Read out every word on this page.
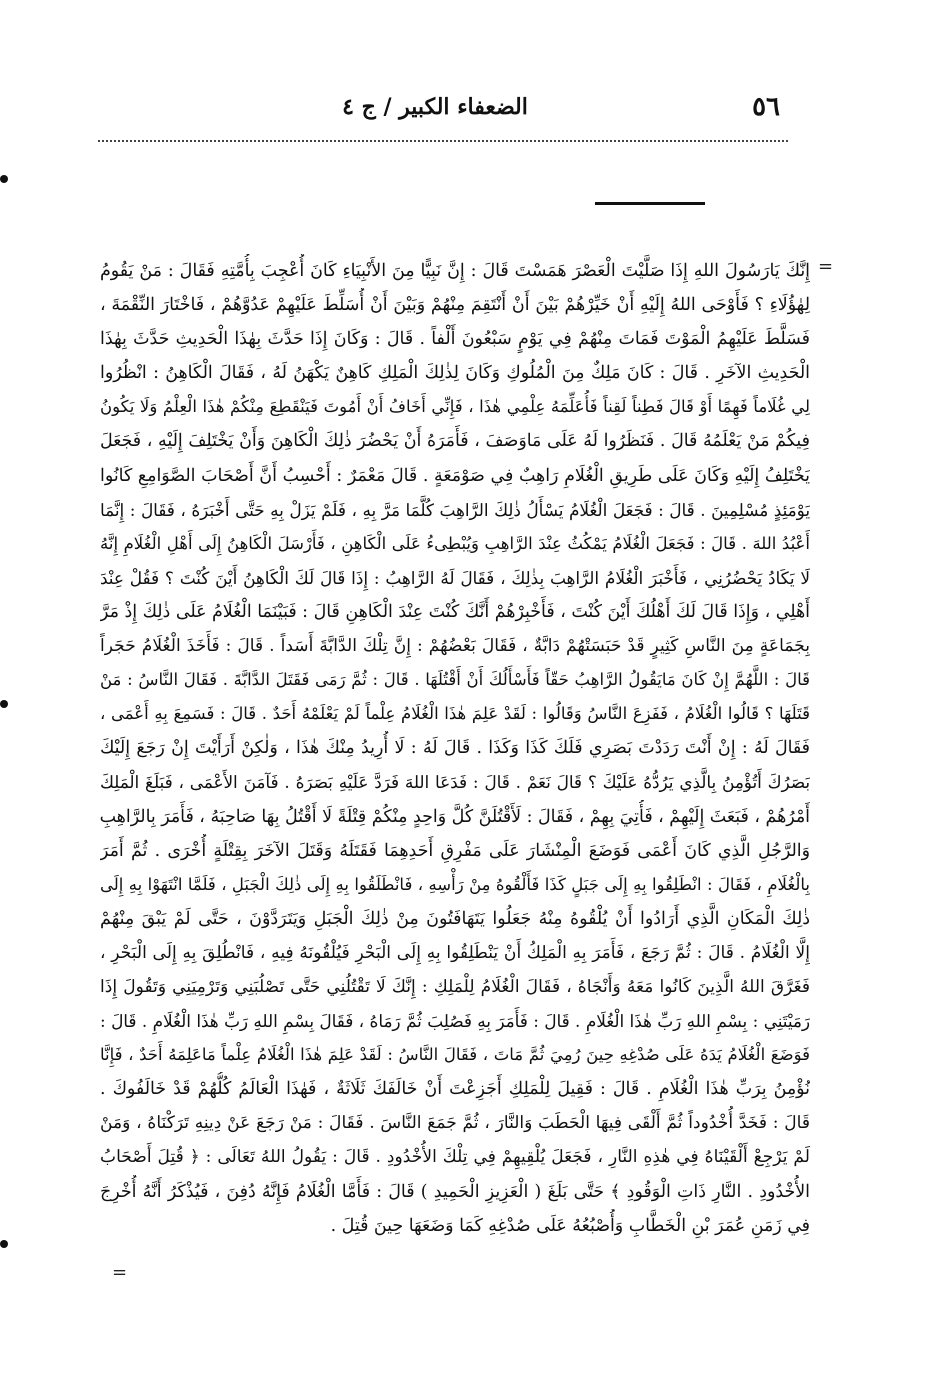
٥٦
الضعفاء الكبير / ج ٤
=
=
إِنَّكَ يَارَسُولَ اللهِ إِذَا صَلَّيْتَ الْعَصْرَ هَمَسْتَ قَالَ : إِنَّ نَبِيًّا مِنَ الأَنْبِيَاءِ كَانَ أُعْجِبَ بِأُمَّتِهِ فَقَالَ : مَنْ يَقُومُ
لِهٰؤُلَاءِ ؟ فَأَوْحَى اللهُ إِلَيْهِ أَنْ خَيِّرْهُمْ بَيْنَ أَنْ أَنْتَقِمَ مِنْهُمْ وَبَيْنَ أَنْ أُسَلِّطَ عَلَيْهِمْ عَدُوَّهُمْ ، فَاخْتَارَ النِّقْمَةَ ،
فَسَلَّطَ عَلَيْهِمُ الْمَوْتَ فَمَاتَ مِنْهُمْ فِي يَوْمٍ سَبْعُونَ أَلْفاً . قَالَ : وَكَانَ إِذَا حَدَّثَ بِهٰذَا الْحَدِيثِ حَدَّثَ بِهٰذَا
الْحَدِيثِ الآخَرِ . قَالَ : كَانَ مَلِكٌ مِنَ الْمُلُوكِ وَكَانَ لِذٰلِكَ الْمَلِكِ كَاهِنٌ يَكْهَنُ لَهُ ، فَقَالَ الْكَاهِنُ : انْظُرُوا
لِي غُلَاماً فَهِمًا أَوْ قَالَ فَطِناً لَقِناً فَأُعَلِّمَهُ عِلْمِي هٰذَا ، فَإِنِّي أَخَافُ أَنْ أَمُوتَ فَيَنْقَطِعَ مِنْكُمْ هٰذَا الْعِلْمُ وَلَا يَكُونُ
فِيكُمْ مَنْ يَعْلَمُهُ قَالَ . فَنَظَرُوا لَهُ عَلَى مَاوَصَفَ ، فَأَمَرَهُ أَنْ يَحْضُرَ ذٰلِكَ الْكَاهِنَ وَأَنْ يَخْتَلِفَ إِلَيْهِ ، فَجَعَلَ
يَخْتَلِفُ إِلَيْهِ وَكَانَ عَلَى طَرِيقِ الْغُلَامِ رَاهِبٌ فِي صَوْمَعَةٍ . قَالَ مَعْمَرٌ : أَحْسِبُ أَنَّ أَصْحَابَ الصَّوَامِعِ كَانُوا
يَوْمَئِذٍ مُسْلِمِينَ . قَالَ : فَجَعَلَ الْغُلَامُ يَسْأَلُ ذٰلِكَ الرَّاهِبَ كُلَّمَا مَرَّ بِهِ ، فَلَمْ يَزَلْ بِهِ حَتَّى أَخْبَرَهُ ، فَقَالَ : إِنَّمَا
أَعْبُدُ اللهَ . قَالَ : فَجَعَلَ الْغُلَامُ يَمْكُثُ عِنْدَ الرَّاهِبِ وَيُبْطِىءُ عَلَى الْكَاهِنِ ، فَأَرْسَلَ الْكَاهِنُ إِلَى أَهْلِ الْغُلَامِ إِنَّهُ
لَا يَكَادُ يَحْضُرُنِي ، فَأَخْبَرَ الْغُلَامُ الرَّاهِبَ بِذٰلِكَ ، فَقَالَ لَهُ الرَّاهِبُ : إِذَا قَالَ لَكَ الْكَاهِنُ أَيْنَ كُنْتَ ؟ فَقُلْ عِنْدَ
أَهْلِي ، وَإِذَا قَالَ لَكَ أَهْلُكَ أَيْنَ كُنْتَ ، فَأَخْبِرْهُمْ أَنَّكَ كُنْتَ عِنْدَ الْكَاهِنِ قَالَ : فَبَيْنَمَا الْغُلَامُ عَلَى ذٰلِكَ إِذْ مَرَّ
بِجَمَاعَةٍ مِنَ النَّاسِ كَثِيرٍ قَدْ حَبَسَتْهُمْ دَابَّةٌ ، فَقَالَ بَعْضُهُمْ : إِنَّ تِلْكَ الدَّابَّةَ أَسَداً . قَالَ : فَأَخَذَ الْغُلَامُ حَجَراً
قَالَ : اللَّهُمَّ إِنْ كَانَ مَايَقُولُ الرَّاهِبُ حَقّاً فَأَسْأَلُكَ أَنْ أَقْتُلَهَا . قَالَ : ثُمَّ رَمَى فَقَتَلَ الدَّابَّةَ . فَقَالَ النَّاسُ : مَنْ
قَتَلَهَا ؟ قَالُوا الْغُلَامُ ، فَفَزِعَ النَّاسُ وَقَالُوا : لَقَدْ عَلِمَ هٰذَا الْغُلَامُ عِلْماً لَمْ يَعْلَمْهُ أَحَدٌ . قَالَ : فَسَمِعَ بِهِ أَعْمَى ،
فَقَالَ لَهُ : إِنْ أَنْتَ رَدَدْتَ بَصَرِي فَلَكَ كَذَا وَكَذَا . قَالَ لَهُ : لَا أُرِيدُ مِنْكَ هٰذَا ، وَلٰكِنْ أَرَأَيْتَ إِنْ رَجَعَ إِلَيْكَ
بَصَرُكَ أَتُؤْمِنُ بِالَّذِي يَرُدُّهُ عَلَيْكَ ؟ قَالَ نَعَمْ . قَالَ : فَدَعَا اللهَ فَرَدَّ عَلَيْهِ بَصَرَهُ . فَآمَنَ الأَعْمَى ، فَبَلَغَ الْمَلِكَ
أَمْرُهُمْ ، فَبَعَثَ إِلَيْهِمْ ، فَأُتِيَ بِهِمْ ، فَقَالَ : لَأَقْتُلَنَّ كُلَّ وَاحِدٍ مِنْكُمْ قِتْلَةً لَا أَقْتُلُ بِهَا صَاحِبَهُ ، فَأَمَرَ بِالرَّاهِبِ
وَالرَّجُلِ الَّذِي كَانَ أَعْمَى فَوَضَعَ الْمِنْشَارَ عَلَى مَفْرِقِ أَحَدِهِمَا فَقَتَلَهُ وَقَتَلَ الآخَرَ بِقِتْلَةٍ أُخْرَى . ثُمَّ أَمَرَ
بِالْغُلَامِ ، فَقَالَ : انْطَلِقُوا بِهِ إِلَى جَبَلٍ كَذَا فَأَلْقُوهُ مِنْ رَأْسِهِ ، فَانْطَلَقُوا بِهِ إِلَى ذٰلِكَ الْجَبَلِ ، فَلَمَّا انْتَهَوْا بِهِ إِلَى
ذٰلِكَ الْمَكَانِ الَّذِي أَرَادُوا أَنْ يُلْقُوهُ مِنْهُ جَعَلُوا يَتَهَافَتُونَ مِنْ ذٰلِكَ الْجَبَلِ وَيَتَرَدَّوْنَ ، حَتَّى لَمْ يَبْقَ مِنْهُمْ
إِلَّا الْغُلَامُ . قَالَ : ثُمَّ رَجَعَ ، فَأَمَرَ بِهِ الْمَلِكُ أَنْ يَنْطَلِقُوا بِهِ إِلَى الْبَحْرِ فَيُلْقُونَهُ فِيهِ ، فَانْطُلِقَ بِهِ إِلَى الْبَحْرِ ،
فَغَرَّقَ اللهُ الَّذِينَ كَانُوا مَعَهُ وَأَنْجَاهُ ، فَقَالَ الْغُلَامُ لِلْمَلِكِ : إِنَّكَ لَا تَقْتُلُنِي حَتَّى تَصْلُبَنِي وَتَرْمِيَنِي وَتَقُولَ إِذَا
رَمَيْتَنِي : بِسْمِ اللهِ رَبِّ هٰذَا الْغُلَامِ . قَالَ : فَأَمَرَ بِهِ فَصُلِبَ ثُمَّ رَمَاهُ ، فَقَالَ بِسْمِ اللهِ رَبِّ هٰذَا الْغُلَامِ . قَالَ :
فَوَضَعَ الْغُلَامُ يَدَهُ عَلَى صُدْغِهِ حِينَ رُمِيَ ثُمَّ مَاتَ ، فَقَالَ النَّاسُ : لَقَدْ عَلِمَ هٰذَا الْغُلَامُ عِلْماً مَاعَلِمَهُ أَحَدٌ ، فَإِنَّا
نُؤْمِنُ بِرَبِّ هٰذَا الْغُلَامِ . قَالَ : فَقِيلَ لِلْمَلِكِ أَجَزِعْتَ أَنْ خَالَفَكَ ثَلَاثَةٌ ، فَهٰذَا الْعَالَمُ كُلُّهُمْ قَدْ خَالَفُوكَ .
قَالَ : فَخَدَّ أُخْدُوداً ثُمَّ أَلْقَى فِيهَا الْحَطَبَ وَالنَّارَ ، ثُمَّ جَمَعَ النَّاسَ . فَقَالَ : مَنْ رَجَعَ عَنْ دِينِهِ تَرَكْنَاهُ ، وَمَنْ
لَمْ يَرْجِعْ أَلْقَيْنَاهُ فِي هٰذِهِ النَّارِ ، فَجَعَلَ يُلْقِيهِمْ فِي تِلْكَ الأُخْدُودِ . قَالَ : يَقُولُ اللهُ تَعَالَى : ﴿ قُتِلَ أَصْحَابُ
الأُخْدُودِ . النَّارِ ذَاتِ الْوَقُودِ ﴾ حَتَّى بَلَغَ ( الْعَزِيزِ الْحَمِيدِ ) قَالَ : فَأَمَّا الْغُلَامُ فَإِنَّهُ دُفِنَ ، فَيُذْكَرُ أَنَّهُ أُخْرِجَ
فِي زَمَنِ عُمَرَ بْنِ الْخَطَّابِ وَأُصْبُعُهُ عَلَى صُدْغِهِ كَمَا وَضَعَهَا حِينَ قُتِلَ .
